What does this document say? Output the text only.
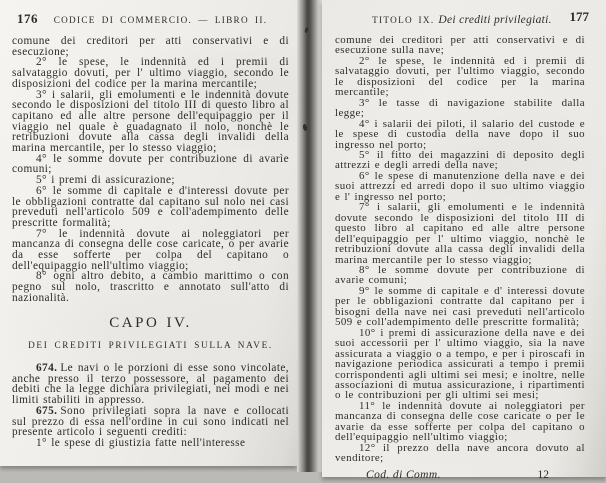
176	CODICE DI COMMERCIO. — LIBRO II.

comune dei creditori per atti conservativi e di esecuzione;

2° le spese, le indennità ed i premii di salvataggio dovuti, per l' ultimo viaggio, secondo le disposizioni del codice per la marina mercantile;

3° i salarii, gli emolumenti e le indennità dovute secondo le disposizioni del titolo III di questo libro al capitano ed alle altre persone dell'equipaggio per il viaggio nel quale è guadagnato il nolo, nonchè le retribuzioni dovute alla cassa degli invalidi della marina mercantile, per lo stesso viaggio;

4° le somme dovute per contribuzione di avarìe comuni;

5° i premi di assicurazione;

6° le somme di capitale e d'interessi dovute per le obbligazioni contratte dal capitano sul nolo nei casi preveduti nell'articolo 509 e coll'adempimento delle prescritte formalità;

7° le indennità dovute ai noleggiatori per mancanza di consegna delle cose caricate, o per avarie da esse sofferte per colpa del capitano o dell'equipaggio nell'ultimo viaggio;

8° ogni altro debito, a cambio marittimo o con pegno sul nolo, trascritto e annotato sull'atto di nazionalità.

CAPO IV.
DEI CREDITI PRIVILEGIATI SULLA NAVE.

674. Le navi o le porzioni di esse sono vincolate, anche presso il terzo possessore, al pagamento dei debiti che la legge dichiara privilegiati, nei modi e nei limiti stabiliti in appresso.

675. Sono privilegiati sopra la nave e collocati sul prezzo di essa nell'ordine in cui sono indicati nel presente articolo i seguenti crediti:

1° le spese di giustizia fatte nell'interesse

TITOLO IX. Dei crediti privilegiati. 177

comune dei creditori per atti conservativi e di esecuzione sulla nave;

2° le spese, le indennità ed i premii di salvataggio dovuti, per l'ultimo viaggio, secondo le disposizioni del codice per la marina mercantile;

3° le tasse di navigazione stabilite dalla legge;

4° i salarii dei piloti, il salario del custode e le spese di custodia della nave dopo il suo ingresso nel porto;

5° il fitto dei magazzini di deposito degli attrezzi e degli arredi della nave;

6° le spese di manutenzione della nave e dei suoi attrezzi ed arredi dopo il suo ultimo viaggio e l' ingresso nel porto;

7° i salarii, gli emolumenti e le indennità dovute secondo le disposizioni del titolo III di questo libro al capitano ed alle altre persone dell'equipaggio per l' ultimo viaggio, nonchè le retribuzioni dovute alla cassa degli invalidi della marina mercantile per lo stesso viaggio;

8° le somme dovute per contribuzione di avarìe comuni;

9° le somme di capitale e d' interessi dovute per le obbligazioni contratte dal capitano per i bisogni della nave nei casi preveduti nell'articolo 509 e coll'adempimento delle prescritte formalità;

10° i premi di assicurazione della nave e dei suoi accessorii per l' ultimo viaggio, sia la nave assicurata a viaggio o a tempo, e per i piroscafi in navigazione periodica assicurati a tempo i premii corrispondenti agli ultimi sei mesi; e inoltre, nelle associazioni di mutua assicurazione, i ripartimenti o le contribuzioni per gli ultimi sei mesi;

11° le indennità dovute ai noleggiatori per mancanza di consegna delle cose caricate o per le avarie da esse sofferte per colpa del capitano o dell'equipaggio nell'ultimo viaggio;

12° il prezzo della nave ancora dovuto al venditore;

Cod. di Comm.	12
